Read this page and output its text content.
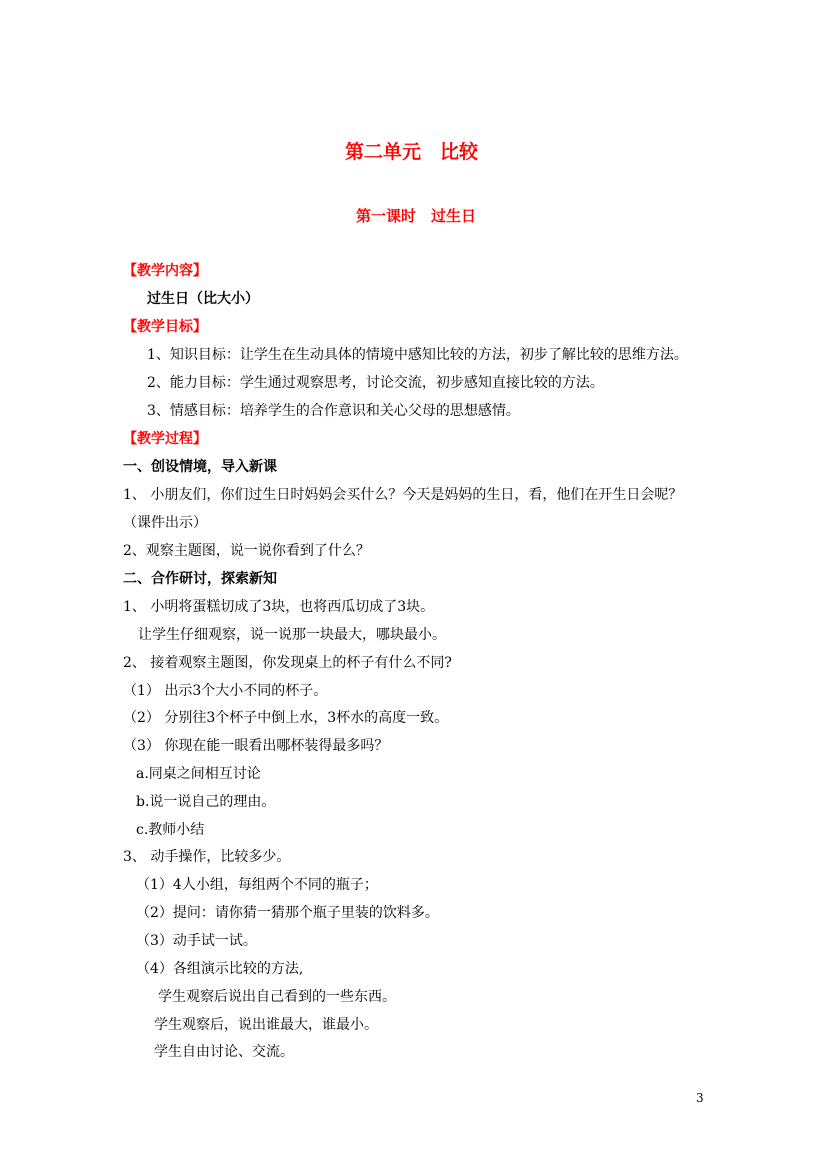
第二单元　比较
第一课时　过生日
【教学内容】
过生日（比大小）
【教学目标】
1、知识目标：让学生在生动具体的情境中感知比较的方法，初步了解比较的思维方法。
2、能力目标：学生通过观察思考，讨论交流，初步感知直接比较的方法。
3、情感目标：培养学生的合作意识和关心父母的思想感情。
【教学过程】
一、创设情境，导入新课
1、 小朋友们，你们过生日时妈妈会买什么？今天是妈妈的生日，看，他们在开生日会呢？
（课件出示）
2、观察主题图，说一说你看到了什么？
二、合作研讨，探索新知
1、 小明将蛋糕切成了3块，也将西瓜切成了3块。
让学生仔细观察，说一说那一块最大，哪块最小。
2、 接着观察主题图，你发现桌上的杯子有什么不同?
（1） 出示3个大小不同的杯子。
（2） 分别往3个杯子中倒上水，3杯水的高度一致。
（3） 你现在能一眼看出哪杯装得最多吗？
a.同桌之间相互讨论
b.说一说自己的理由。
c.教师小结
3、 动手操作，比较多少。
（1）4人小组，每组两个不同的瓶子；
（2）提问：请你猜一猜那个瓶子里装的饮料多。
（3）动手试一试。
（4）各组演示比较的方法,
学生观察后说出自己看到的一些东西。
学生观察后，说出谁最大，谁最小。
学生自由讨论、交流。
3
